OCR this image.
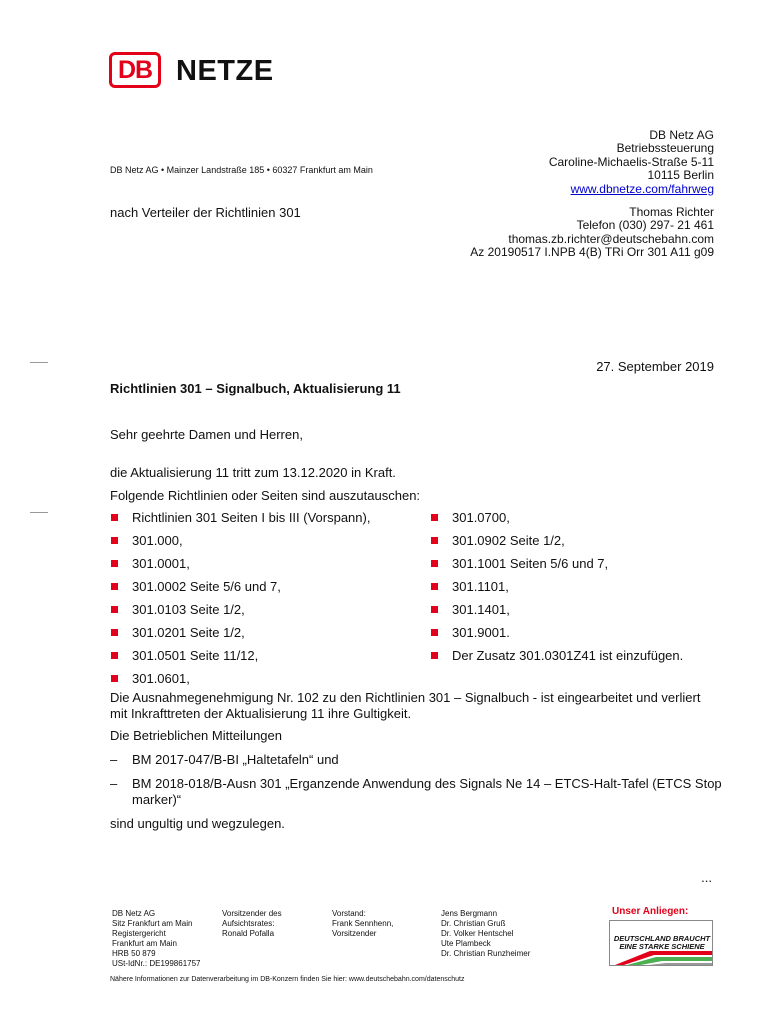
DB NETZE
DB Netz AG • Mainzer Landstraße 185 • 60327 Frankfurt am Main
DB Netz AG
Betriebssteuerung
Caroline-Michaelis-Straße 5-11
10115 Berlin
www.dbnetze.com/fahrweg
Thomas Richter
Telefon (030) 297- 21 461
thomas.zb.richter@deutschebahn.com
Az 20190517 I.NPB 4(B) TRi Orr 301 A11 g09
nach Verteiler der Richtlinien 301
27. September 2019
Richtlinien 301 – Signalbuch, Aktualisierung 11
Sehr geehrte Damen und Herren,
die Aktualisierung 11 tritt zum 13.12.2020 in Kraft.
Folgende Richtlinien oder Seiten sind auszutauschen:
Richtlinien 301 Seiten I bis III (Vorspann),
301.000,
301.0001,
301.0002 Seite 5/6 und 7,
301.0103 Seite 1/2,
301.0201 Seite 1/2,
301.0501 Seite 11/12,
301.0601,
301.0700,
301.0902 Seite 1/2,
301.1001 Seiten 5/6 und 7,
301.1101,
301.1401,
301.9001.
Der Zusatz 301.0301Z41 ist einzufügen.
Die Ausnahmegenehmigung Nr. 102 zu den Richtlinien 301 – Signalbuch - ist eingearbeitet und verliert mit Inkrafttreten der Aktualisierung 11 ihre Gultigkeit.
Die Betrieblichen Mitteilungen
– BM 2017-047/B-BI „Haltetafeln“ und
– BM 2018-018/B-Ausn 301 „Erganzende Anwendung des Signals Ne 14 – ETCS-Halt-Tafel (ETCS Stop marker)“
sind ungultig und wegzulegen.
...
DB Netz AG
Sitz Frankfurt am Main
Registergericht
Frankfurt am Main
HRB 50 879
USt-IdNr.: DE199861757
Vorsitzender des
Aufsichtsrates:
Ronald Pofalla
Vorstand:
Frank Sennhenn,
Vorsitzender
Jens Bergmann
Dr. Christian Gruß
Dr. Volker Hentschel
Ute Plambeck
Dr. Christian Runzheimer
Unser Anliegen:
DEUTSCHLAND BRAUCHT
EINE STARKE SCHIENE
Nähere Informationen zur Datenverarbeitung im DB-Konzern finden Sie hier: www.deutschebahn.com/datenschutz
